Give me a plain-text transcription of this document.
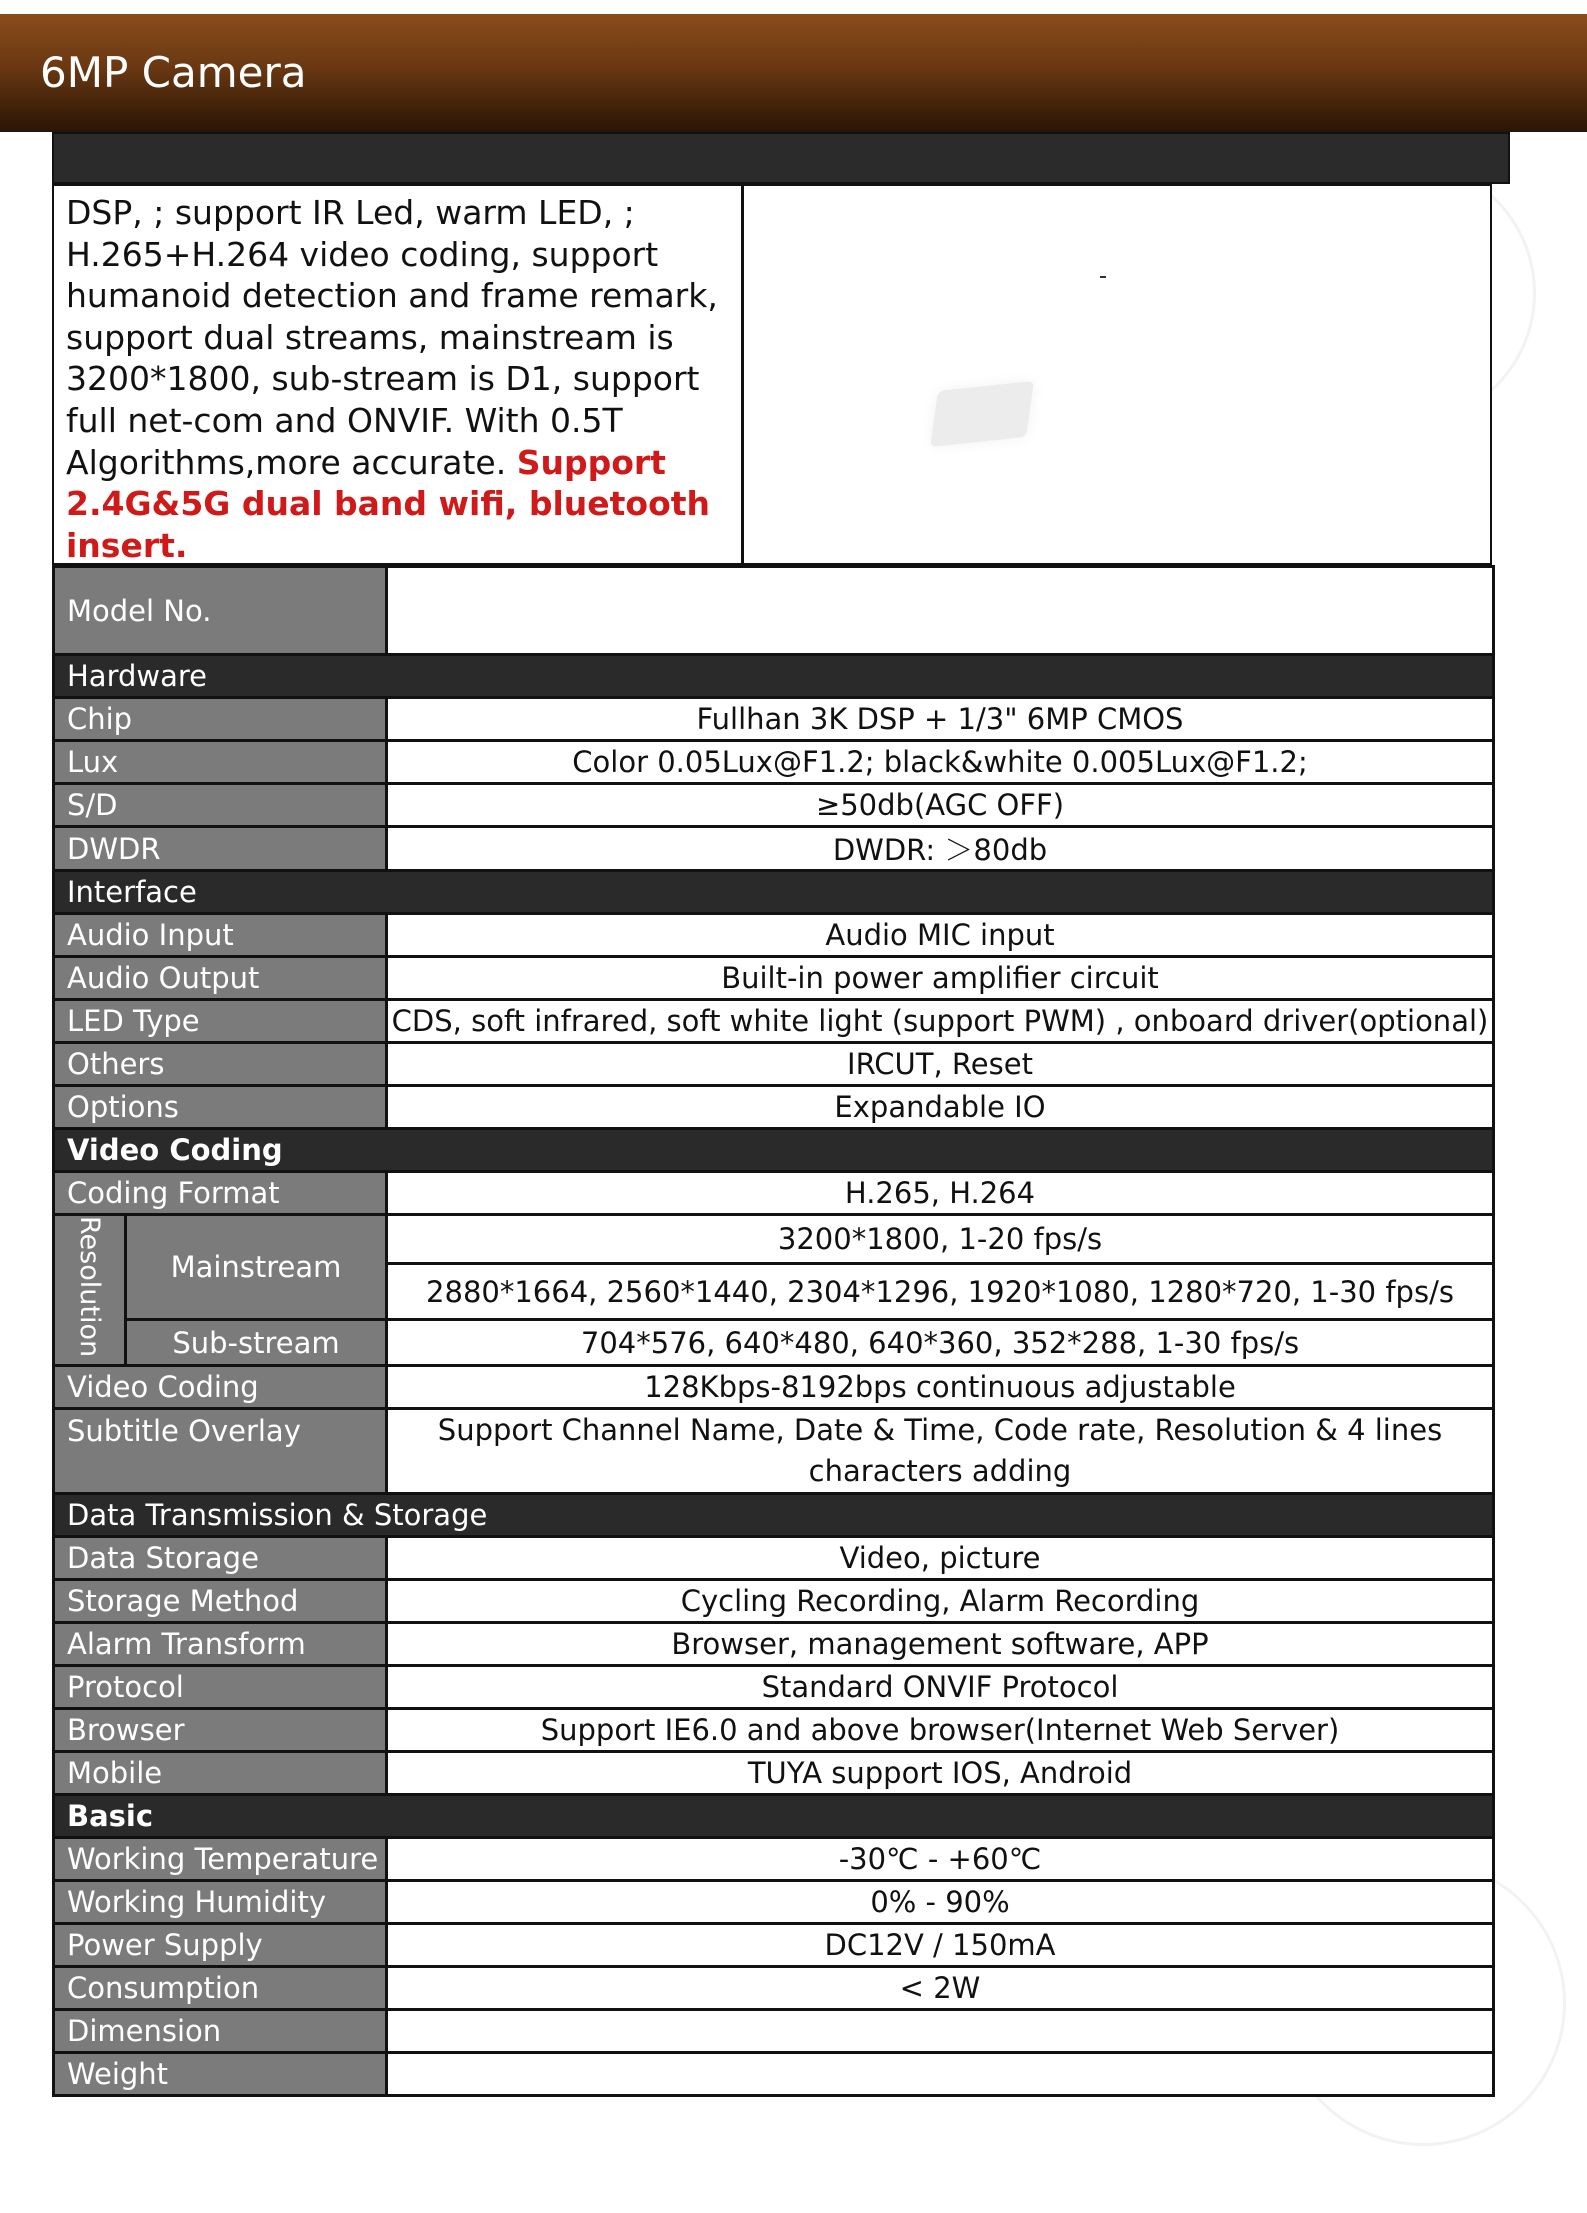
6MP Camera
DSP, ; support IR Led, warm LED, ; H.265+H.264 video coding, support humanoid detection and frame remark, support dual streams, mainstream is 3200*1800, sub-stream is D1, support full net-com and ONVIF. With 0.5T Algorithms,more accurate. Support 2.4G&5G dual band wifi, bluetooth insert.
Model No.		
Hardware		
Chip		Fullhan 3K DSP + 1/3" 6MP CMOS
Lux		Color 0.05Lux@F1.2; black&white 0.005Lux@F1.2;
S/D		≥50db(AGC OFF)
DWDR		DWDR: ＞80db
Interface		
Audio Input		Audio MIC input
Audio Output		Built-in power amplifier circuit
LED Type		CDS, soft infrared, soft white light (support PWM) , onboard driver(optional)
Others		IRCUT, Reset
Options		Expandable IO
Video Coding		
Coding Format		H.265, H.264
Resolution	Mainstream	3200*1800, 1-20 fps/s
		2880*1664, 2560*1440, 2304*1296, 1920*1080, 1280*720, 1-30 fps/s
	Sub-stream	704*576, 640*480, 640*360, 352*288, 1-30 fps/s
Video Coding		128Kbps-8192bps continuous adjustable
Subtitle Overlay		Support Channel Name, Date & Time, Code rate, Resolution & 4 lines characters adding
Data Transmission & Storage		
Data Storage		Video, picture
Storage Method		Cycling Recording, Alarm Recording
Alarm Transform		Browser, management software, APP
Protocol		Standard ONVIF Protocol
Browser		Support IE6.0 and above browser(Internet Web Server)
Mobile		TUYA support IOS, Android
Basic		
Working Temperature		-30℃ - +60℃
Working Humidity		0% - 90%
Power Supply		DC12V / 150mA
Consumption		< 2W
Dimension		
Weight		
